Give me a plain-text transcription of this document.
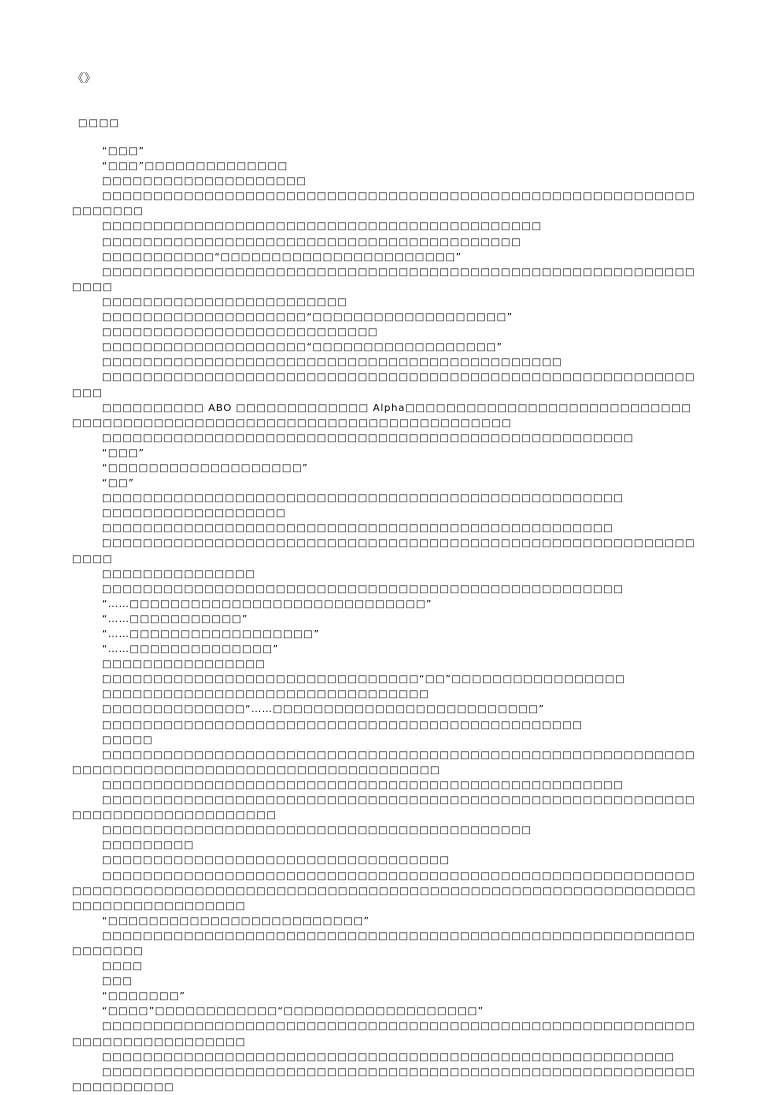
《》
□□□□

“□□□”

“□□□”□□□□□□□□□□□□□□

□□□□□□□□□□□□□□□□□□□□

□□□□□□□□□□□□□□□□□□□□□□□□□□□□□□□□□□□□□□□□□□□□□□□□□□□□□□□□□□□□□□□□□

□□□□□□□□□□□□□□□□□□□□□□□□□□□□□□□□□□□□□□□□□□□

□□□□□□□□□□□□□□□□□□□□□□□□□□□□□□□□□□□□□□□□□

□□□□□□□□□□□“□□□□□□□□□□□□□□□□□□□□□□□”

□□□□□□□□□□□□□□□□□□□□□□□□□□□□□□□□□□□□□□□□□□□□□□□□□□□□□□□□□□□□□□

□□□□□□□□□□□□□□□□□□□□□□□□

□□□□□□□□□□□□□□□□□□□□“□□□□□□□□□□□□□□□□□□□”

□□□□□□□□□□□□□□□□□□□□□□□□□□□

□□□□□□□□□□□□□□□□□□□□“□□□□□□□□□□□□□□□□□□”

□□□□□□□□□□□□□□□□□□□□□□□□□□□□□□□□□□□□□□□□□□□□□

□□□□□□□□□□□□□□□□□□□□□□□□□□□□□□□□□□□□□□□□□□□□□□□□□□□□□□□□□□□□□

□□□□□□□□□□ ABO □□□□□□□□□□□□□ Alpha□□□□□□□□□□□□□□□□□□□□□□□□□□□□□□□□□□□□□□□□□□□□□□□□□□□□□□□□□□□□□□□□□□□□□□□

□□□□□□□□□□□□□□□□□□□□□□□□□□□□□□□□□□□□□□□□□□□□□□□□□□□□

“□□□”

“□□□□□□□□□□□□□□□□□□□”

“□□”

□□□□□□□□□□□□□□□□□□□□□□□□□□□□□□□□□□□□□□□□□□□□□□□□□□□

□□□□□□□□□□□□□□□□□□

□□□□□□□□□□□□□□□□□□□□□□□□□□□□□□□□□□□□□□□□□□□□□□□□□□

□□□□□□□□□□□□□□□□□□□□□□□□□□□□□□□□□□□□□□□□□□□□□□□□□□□□□□□□□□□□□□

□□□□□□□□□□□□□□□

□□□□□□□□□□□□□□□□□□□□□□□□□□□□□□□□□□□□□□□□□□□□□□□□□□□

“……□□□□□□□□□□□□□□□□□□□□□□□□□□□□□”

“……□□□□□□□□□□□”

“……□□□□□□□□□□□□□□□□□□”

“……□□□□□□□□□□□□□□”

□□□□□□□□□□□□□□□□

□□□□□□□□□□□□□□□□□□□□□□□□□□□□□□□“□□”□□□□□□□□□□□□□□□□□

□□□□□□□□□□□□□□□□□□□□□□□□□□□□□□□□

□□□□□□□□□□□□□□“……□□□□□□□□□□□□□□□□□□□□□□□□□□”

□□□□□□□□□□□□□□□□□□□□□□□□□□□□□□□□□□□□□□□□□□□□□□□

□□□□□

□□□□□□□□□□□□□□□□□□□□□□□□□□□□□□□□□□□□□□□□□□□□□□□□□□□□□□□□□□□□□□□□□□□□□□□□□□□□□□□□□□□□□□□□□□□□□□

□□□□□□□□□□□□□□□□□□□□□□□□□□□□□□□□□□□□□□□□□□□□□□□□□□□

□□□□□□□□□□□□□□□□□□□□□□□□□□□□□□□□□□□□□□□□□□□□□□□□□□□□□□□□□□□□□□□□□□□□□□□□□□□□□□

□□□□□□□□□□□□□□□□□□□□□□□□□□□□□□□□□□□□□□□□□□

□□□□□□□□□

□□□□□□□□□□□□□□□□□□□□□□□□□□□□□□□□□□

□□□□□□□□□□□□□□□□□□□□□□□□□□□□□□□□□□□□□□□□□□□□□□□□□□□□□□□□□□□□□□□□□□□□□□□□□□□□□□□□□□□□□□□□□□□□□□□□□□□□□□□□□□□□□□□□□□□□□□□□□□□□□□□□□□□□□□□□

“□□□□□□□□□□□□□□□□□□□□□□□□□”

□□□□□□□□□□□□□□□□□□□□□□□□□□□□□□□□□□□□□□□□□□□□□□□□□□□□□□□□□□□□□□□□□

□□□□

□□□

“□□□□□□□”

“□□□□”□□□□□□□□□□□□“□□□□□□□□□□□□□□□□□□□”

□□□□□□□□□□□□□□□□□□□□□□□□□□□□□□□□□□□□□□□□□□□□□□□□□□□□□□□□□□□□□□□□□□□□□□□□□□□

□□□□□□□□□□□□□□□□□□□□□□□□□□□□□□□□□□□□□□□□□□□□□□□□□□□□□□□□

□□□□□□□□□□□□□□□□□□□□□□□□□□□□□□□□□□□□□□□□□□□□□□□□□□□□□□□□□□□□□□□□□□□□
